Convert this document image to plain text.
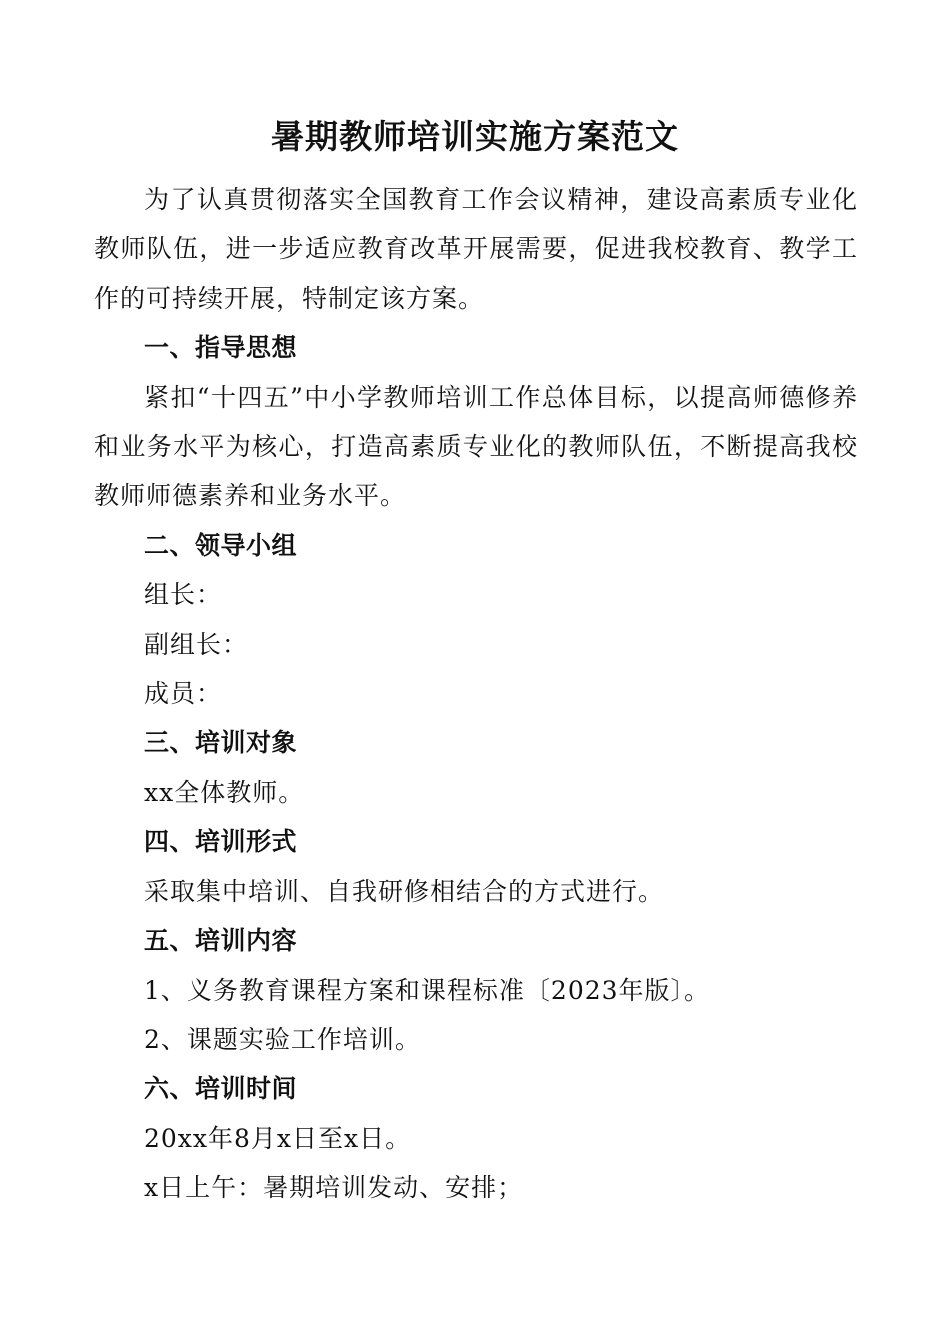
暑期教师培训实施方案范文

为了认真贯彻落实全国教育工作会议精神，建设高素质专业化教师队伍，进一步适应教育改革开展需要，促进我校教育、教学工作的可持续开展，特制定该方案。

一、指导思想

紧扣“十四五”中小学教师培训工作总体目标，以提高师德修养和业务水平为核心，打造高素质专业化的教师队伍，不断提高我校教师师德素养和业务水平。

二、领导小组

组长：

副组长：

成员：

三、培训对象

xx全体教师。

四、培训形式

采取集中培训、自我研修相结合的方式进行。

五、培训内容

1、义务教育课程方案和课程标准〔2023年版〕。

2、课题实验工作培训。

六、培训时间

20xx年8月x日至x日。

x日上午：暑期培训发动、安排；
